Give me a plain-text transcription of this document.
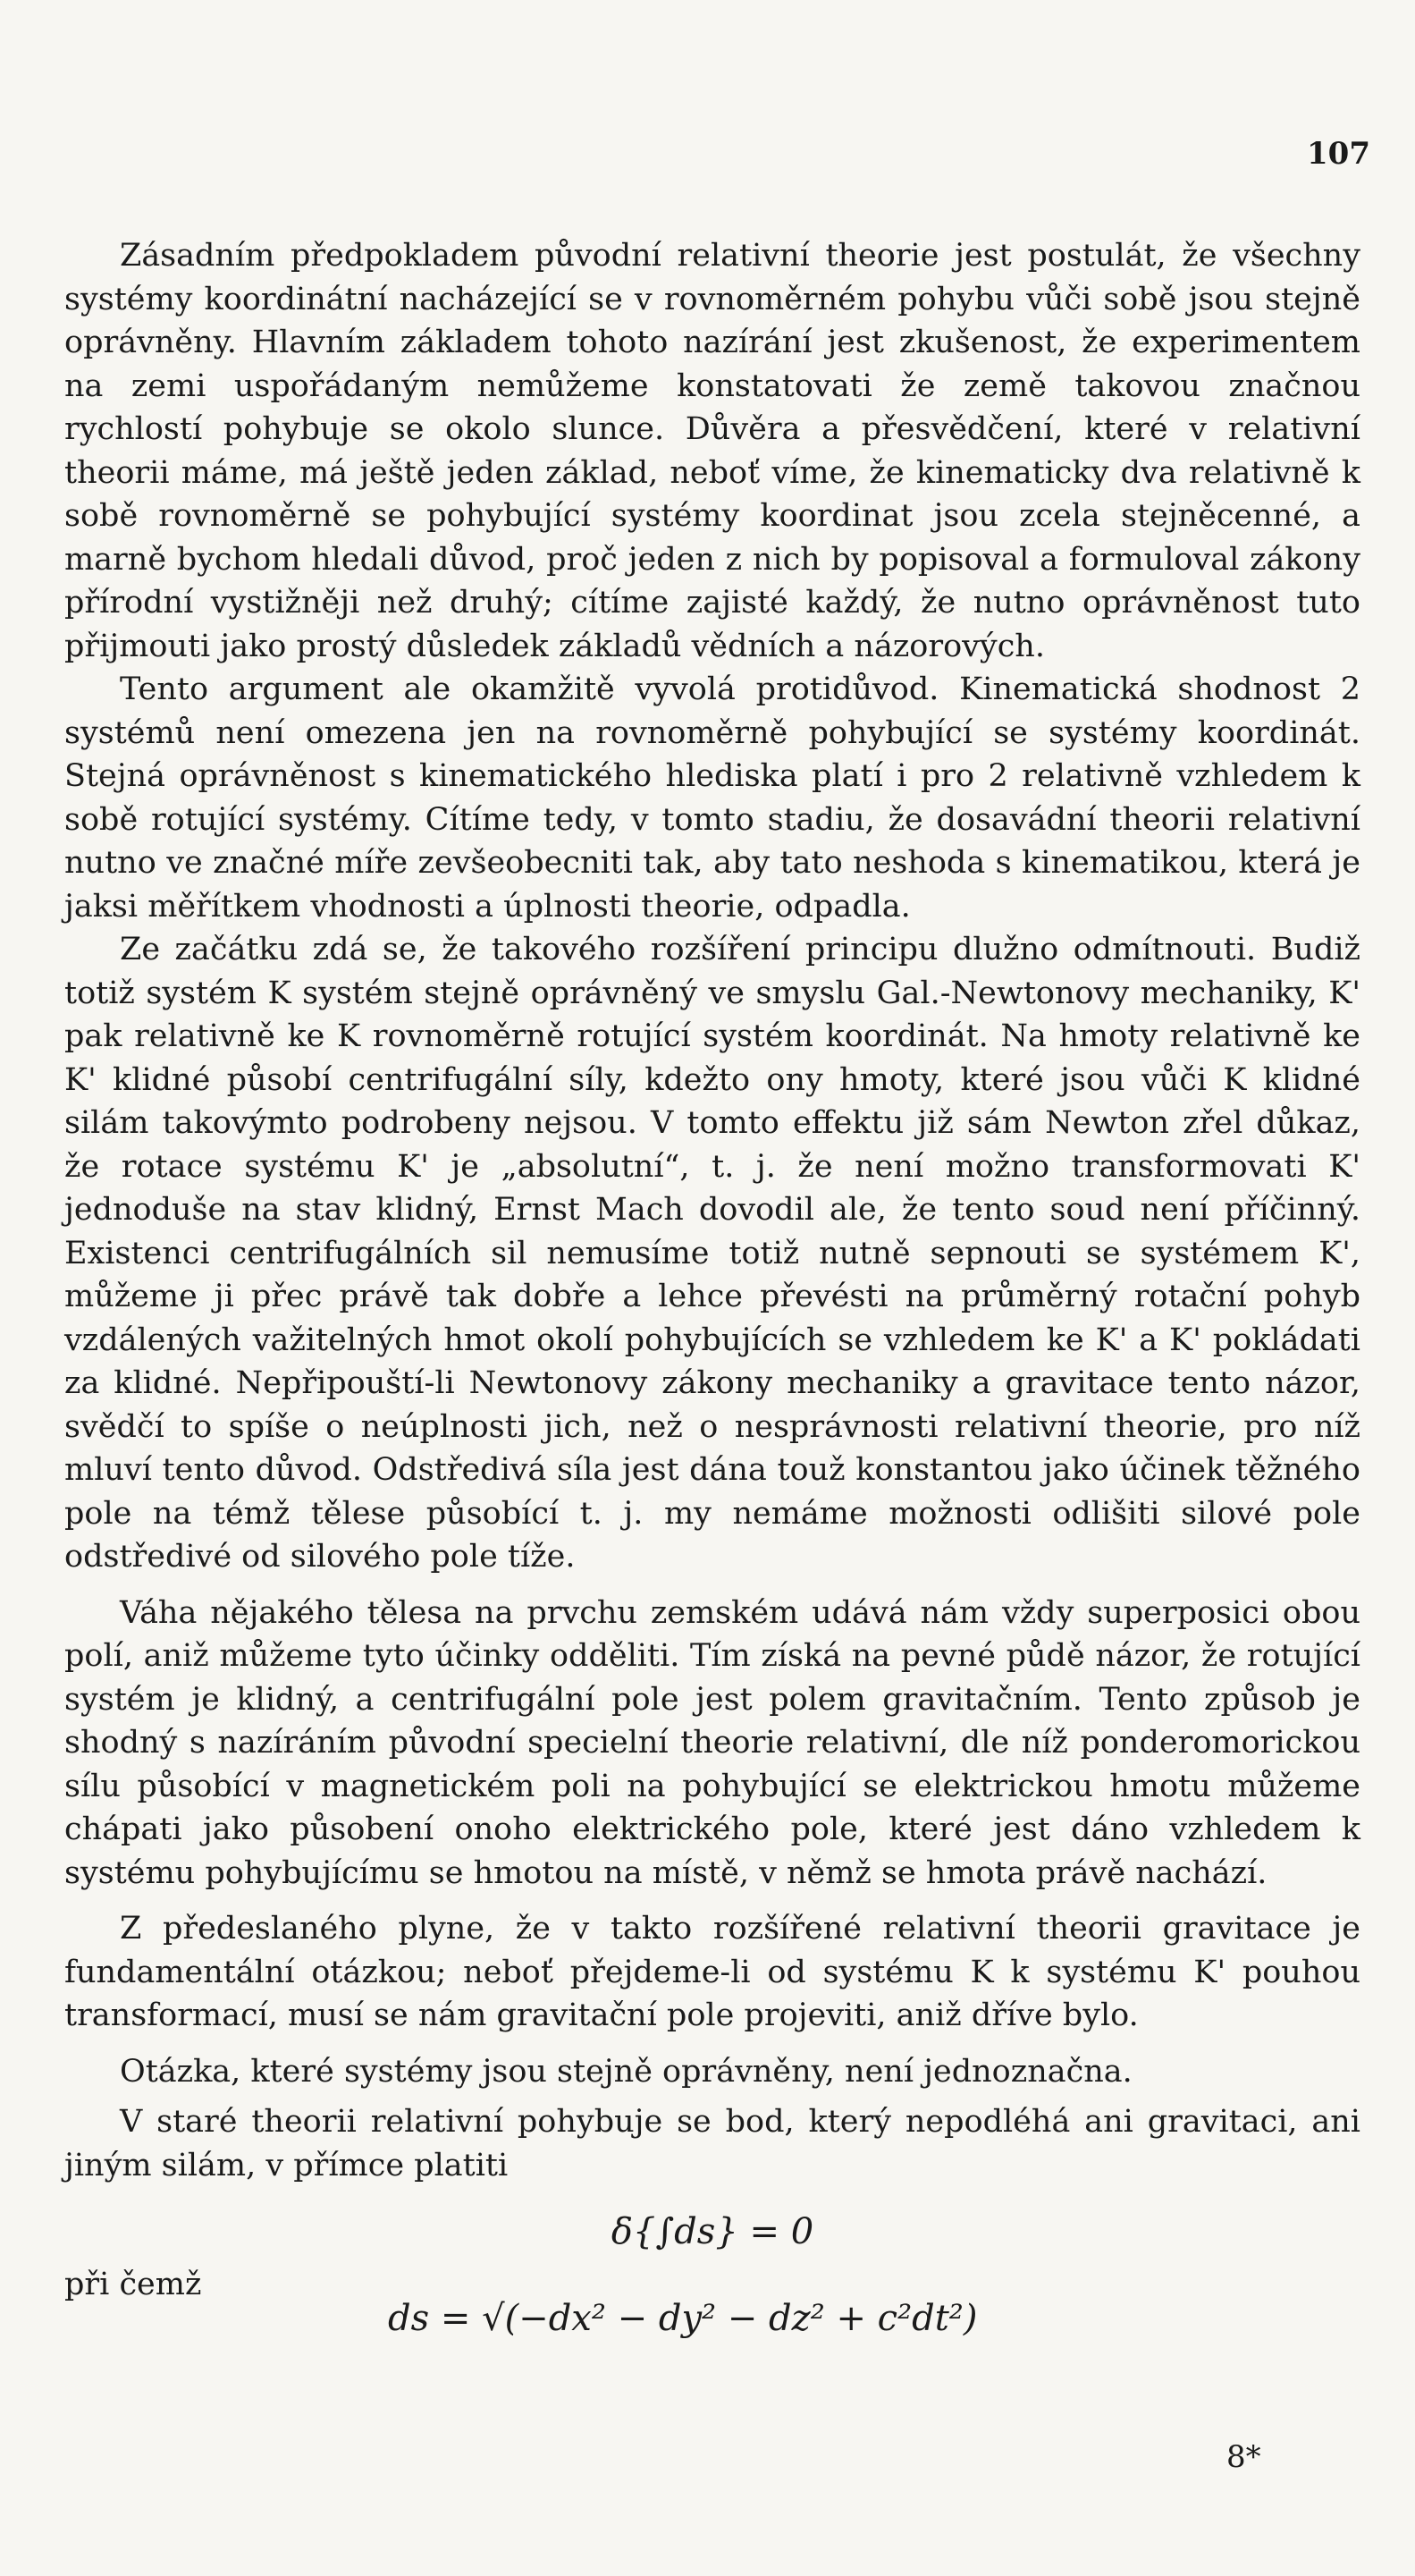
107

Zásadním předpokladem původní relativní theorie jest postulát, že všechny systémy koordinátní nacházející se v rovnoměrném pohybu vůči sobě jsou stejně oprávněny. Hlavním základem tohoto nazírání jest zkušenost, že experimentem na zemi uspořádaným nemůžeme konstatovati že země takovou značnou rychlostí pohybuje se okolo slunce. Důvěra a přesvědčení, které v relativní theorii máme, má ještě jeden základ, neboť víme, že kinematicky dva relativně k sobě rovnoměrně se pohybující systémy koordinat jsou zcela stejněcenné, a marně bychom hledali důvod, proč jeden z nich by popisoval a formuloval zákony přírodní vystižněji než druhý; cítíme zajisté každý, že nutno oprávněnost tuto přijmouti jako prostý důsledek základů vědních a názorových.

Tento argument ale okamžitě vyvolá protidůvod. Kinematická shodnost 2 systémů není omezena jen na rovnoměrně pohybující se systémy koordinát. Stejná oprávněnost s kinematického hlediska platí i pro 2 relativně vzhledem k sobě rotující systémy. Cítíme tedy, v tomto stadiu, že dosavádní theorii relativní nutno ve značné míře zevšeobecniti tak, aby tato neshoda s kinematikou, která je jaksi měřítkem vhodnosti a úplnosti theorie, odpadla.

Ze začátku zdá se, že takového rozšíření principu dlužno odmítnouti. Budiž totiž systém K systém stejně oprávněný ve smyslu Gal.-Newtonovy mechaniky, K' pak relativně ke K rovnoměrně rotující systém koordinát. Na hmoty relativně ke K' klidné působí centrifugální síly, kdežto ony hmoty, které jsou vůči K klidné silám takovýmto podrobeny nejsou. V tomto effektu již sám Newton zřel důkaz, že rotace systému K' je „absolutní“, t. j. že není možno transformovati K' jednoduše na stav klidný, Ernst Mach dovodil ale, že tento soud není příčinný. Existenci centrifugálních sil nemusíme totiž nutně sepnouti se systémem K', můžeme ji přec právě tak dobře a lehce převésti na průměrný rotační pohyb vzdálených važitelných hmot okolí pohybujících se vzhledem ke K' a K' pokládati za klidné. Nepřipouští-li Newtonovy zákony mechaniky a gravitace tento názor, svědčí to spíše o neúplnosti jich, než o nesprávnosti relativní theorie, pro níž mluví tento důvod. Odstředivá síla jest dána touž konstantou jako účinek těžného pole na témž tělese působící t. j. my nemáme možnosti odlišiti silové pole odstředivé od silového pole tíže.

Váha nějakého tělesa na prvchu zemském udává nám vždy superposici obou polí, aniž můžeme tyto účinky odděliti. Tím získá na pevné půdě názor, že rotující systém je klidný, a centrifugální pole jest polem gravitačním. Tento způsob je shodný s nazíráním původní specielní theorie relativní, dle níž ponderomorickou sílu působící v magnetickém poli na pohybující se elektrickou hmotu můžeme chápati jako působení onoho elektrického pole, které jest dáno vzhledem k systému pohybujícímu se hmotou na místě, v němž se hmota právě nachází.

Z předeslaného plyne, že v takto rozšířené relativní theorii gravitace je fundamentální otázkou; neboť přejdeme-li od systému K k systému K' pouhou transformací, musí se nám gravitační pole projeviti, aniž dříve bylo.

Otázka, které systémy jsou stejně oprávněny, není jednoznačna.

V staré theorii relativní pohybuje se bod, který nepodléhá ani gravitaci, ani jiným silám, v přímce platiti

δ{∫ds} = 0
při čemž
ds = √(−dx² − dy² − dz² + c²dt²)
8*
